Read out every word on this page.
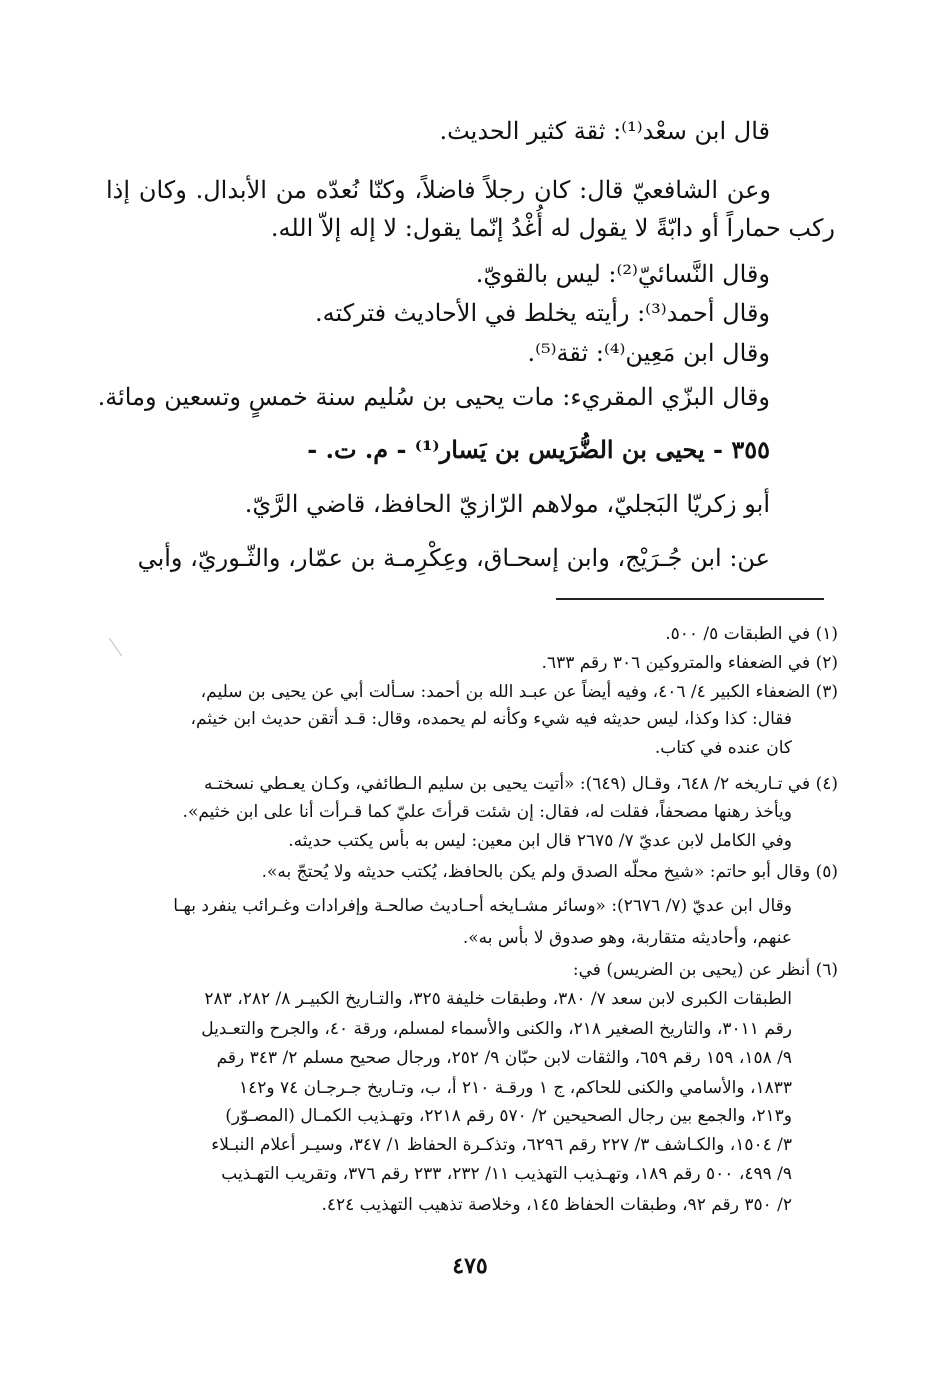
قال ابن سعْد⁽¹⁾: ثقة كثير الحديث.

وعن الشافعيّ قال: كان رجلاً فاضلاً، وكنّا نُعدّه من الأبدال. وكان إذا

ركب حماراً أو دابّةً لا يقول له أُغْدُ إنّما يقول: لا إله إلاّ الله.

وقال النَّسائيّ⁽²⁾: ليس بالقويّ.

وقال أحمد⁽³⁾: رأيته يخلط في الأحاديث فتركته.

وقال ابن مَعِين⁽⁴⁾: ثقة⁽⁵⁾.

وقال البزّي المقريء: مات يحيى بن سُليم سنة خمسٍ وتسعين ومائة.

٣٥٥ - يحيى بن الضُّرَيس بن يَسار⁽¹⁾ - م. ت. -

أبو زكريّا البَجليّ، مولاهم الرّازيّ الحافظ، قاضي الرَّيّ.

عن: ابن جُـرَيْج، وابن إسحـاق، وعِكْرِمـة بن عمّار، والثّـوريّ، وأبي

(١) في الطبقات ٥/ ٥٠٠.

(٢) في الضعفاء والمتروكين ٣٠٦ رقم ٦٣٣.

(٣) الضعفاء الكبير ٤/ ٤٠٦، وفيه أيضاً عن عبـد الله بن أحمد: سـألت أبي عن يحيى بن سليم،

فقال: كذا وكذا، ليس حديثه فيه شيء وكأنه لم يحمده، وقال: قـد أتقن حديث ابن خيثم،

كان عنده في كتاب.

(٤) في تـاريخه ٢/ ٦٤٨، وقـال (٦٤٩): «أتيت يحيى بن سليم الـطائفي، وكـان يعـطي نسختـه

ويأخذ رهنها مصحفاً، فقلت له، فقال: إن شئت قرأتَ عليّ كما قـرأت أنا على ابن خثيم».

وفي الكامل لابن عديّ ٧/ ٢٦٧٥ قال ابن معين: ليس به بأس يكتب حديثه.

(٥) وقال أبو حاتم: «شيخ محلّه الصدق ولم يكن بالحافظ، يُكتب حديثه ولا يُحتجّ به».

وقال ابن عديّ (٧/ ٢٦٧٦): «وسائر مشـايخه أحـاديث صالحـة وإفرادات وغـرائب ينفرد بهـا

عنهم، وأحاديثه متقاربة، وهو صدوق لا بأس به».

(٦) أنظر عن (يحيى بن الضريس) في:

الطبقات الكبرى لابن سعد ٧/ ٣٨٠، وطبقات خليفة ٣٢٥، والتـاريخ الكبيـر ٨/ ٢٨٢، ٢٨٣

رقم ٣٠١١، والتاريخ الصغير ٢١٨، والكنى والأسماء لمسلم، ورقة ٤٠، والجرح والتعـديل

٩/ ١٥٨، ١٥٩ رقم ٦٥٩، والثقات لابن حبّان ٩/ ٢٥٢، ورجال صحيح مسلم ٢/ ٣٤٣ رقم

١٨٣٣، والأسامي والكنى للحاكم، ج ١ ورقـة ٢١٠ أ، ب، وتـاريخ جـرجـان ٧٤ و١٤٢

و٢١٣، والجمع بين رجال الصحيحين ٢/ ٥٧٠ رقم ٢٢١٨، وتهـذيب الكمـال (المصـوّر)

٣/ ١٥٠٤، والكـاشف ٣/ ٢٢٧ رقم ٦٢٩٦، وتذكـرة الحفاظ ١/ ٣٤٧، وسيـر أعلام النبـلاء

٩/ ٤٩٩، ٥٠٠ رقم ١٨٩، وتهـذيب التهذيب ١١/ ٢٣٢، ٢٣٣ رقم ٣٧٦، وتقريب التهـذيب

٢/ ٣٥٠ رقم ٩٢، وطبقات الحفاظ ١٤٥، وخلاصة تذهيب التهذيب ٤٢٤.

٤٧٥
